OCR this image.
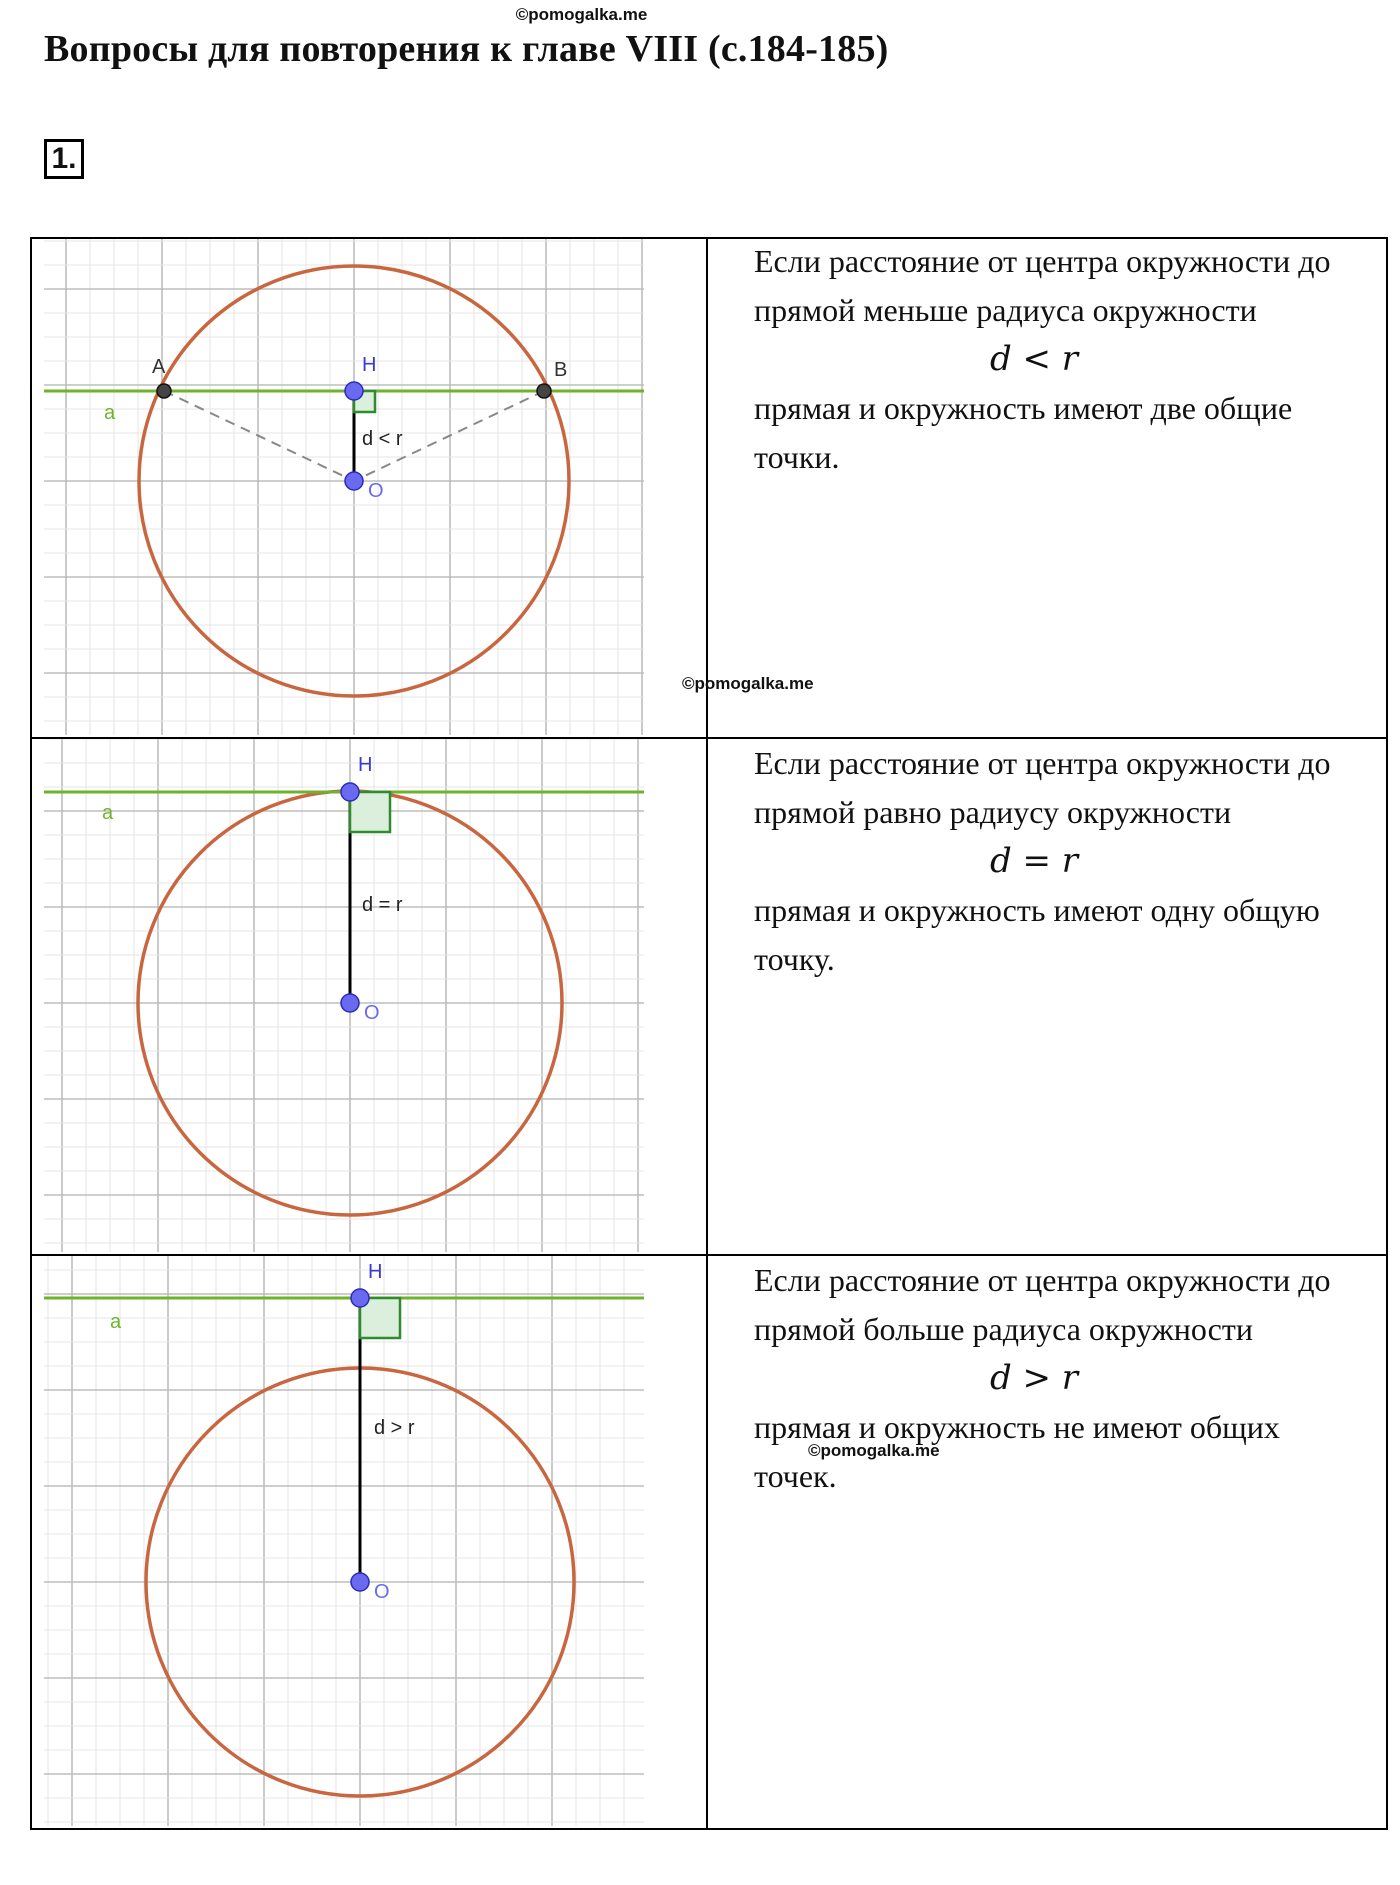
©pomogalka.me
Вопросы для повторения к главе VIII (с.184-185)
1.
a
A	B
H
O
d < r
Если расстояние от центра окружности до
прямой меньше радиуса окружности
d < r
прямая и окружность имеют две общие
точки.
©pomogalka.me
a
H
O
d = r
Если расстояние от центра окружности до
прямой равно радиусу окружности
d = r
прямая и окружность имеют одну общую
точку.
a
H
O
d > r
Если расстояние от центра окружности до
прямой больше радиуса окружности
d > r
прямая и окружность не имеют общих
точек.
©pomogalka.me
